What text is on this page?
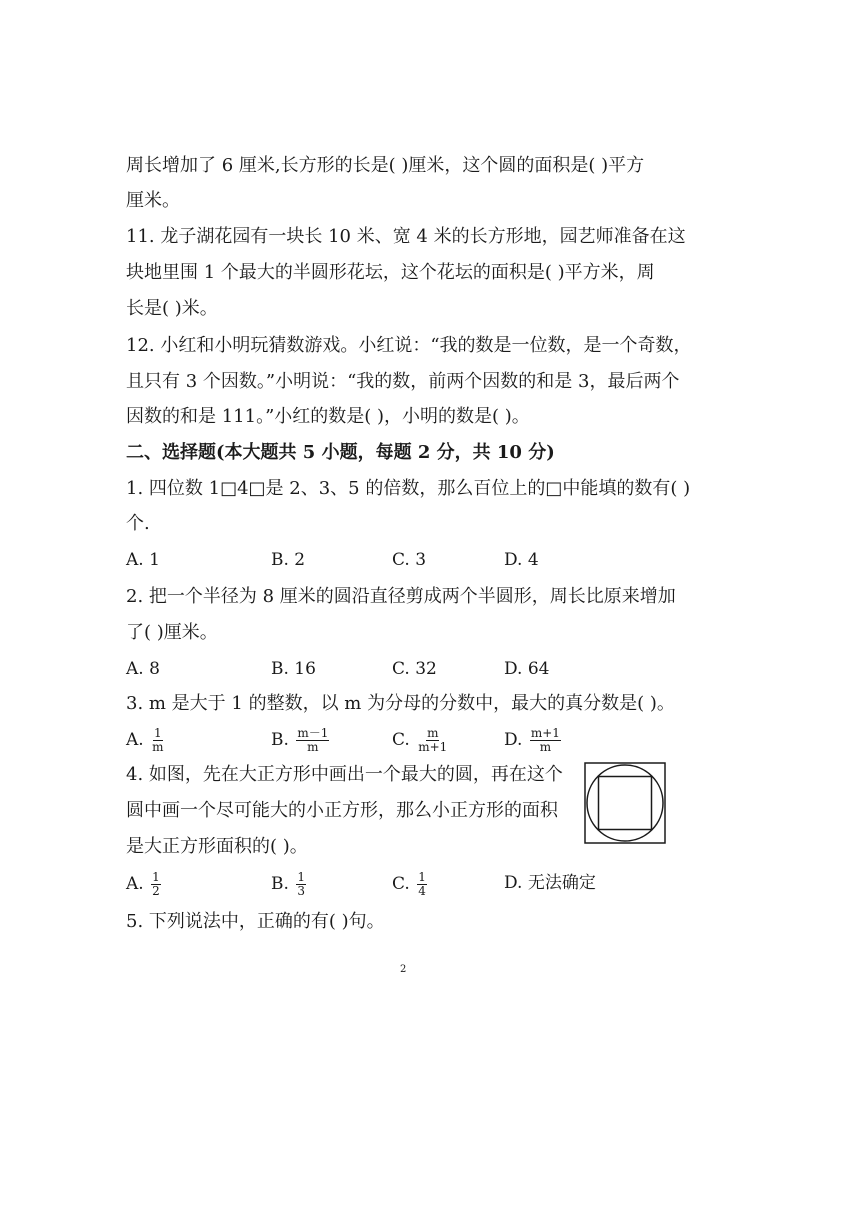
周长增加了 6 厘米,长方形的长是( )厘米，这个圆的面积是( )平方
厘米。
11. 龙子湖花园有一块长 10 米、宽 4 米的长方形地，园艺师准备在这
块地里围 1 个最大的半圆形花坛，这个花坛的面积是( )平方米，周
长是( )米。
12. 小红和小明玩猜数游戏。小红说：“我的数是一位数，是一个奇数，
且只有 3 个因数。”小明说：“我的数，前两个因数的和是 3，最后两个
因数的和是 111。”小红的数是( )，小明的数是( )。
二、选择题(本大题共 5 小题，每题 2 分，共 10 分)
1. 四位数 1□4□是 2、3、5 的倍数，那么百位上的□中能填的数有( )
个.
A. 1	B. 2	C. 3	D. 4
2. 把一个半径为 8 厘米的圆沿直径剪成两个半圆形，周长比原来增加
了( )厘米。
A. 8	B. 16	C. 32	D. 64
3. m 是大于 1 的整数，以 m 为分母的分数中，最大的真分数是( )。
A. $\frac{1}{m}$	B. $\frac{m-1}{m}$	C. $\frac{m}{m+1}$	D. $\frac{m+1}{m}$
4. 如图，先在大正方形中画出一个最大的圆，再在这个
圆中画一个尽可能大的小正方形，那么小正方形的面积
是大正方形面积的( )。
A. $\frac{1}{2}$	B. $\frac{1}{3}$	C. $\frac{1}{4}$	D. 无法确定
5. 下列说法中，正确的有( )句。
2
